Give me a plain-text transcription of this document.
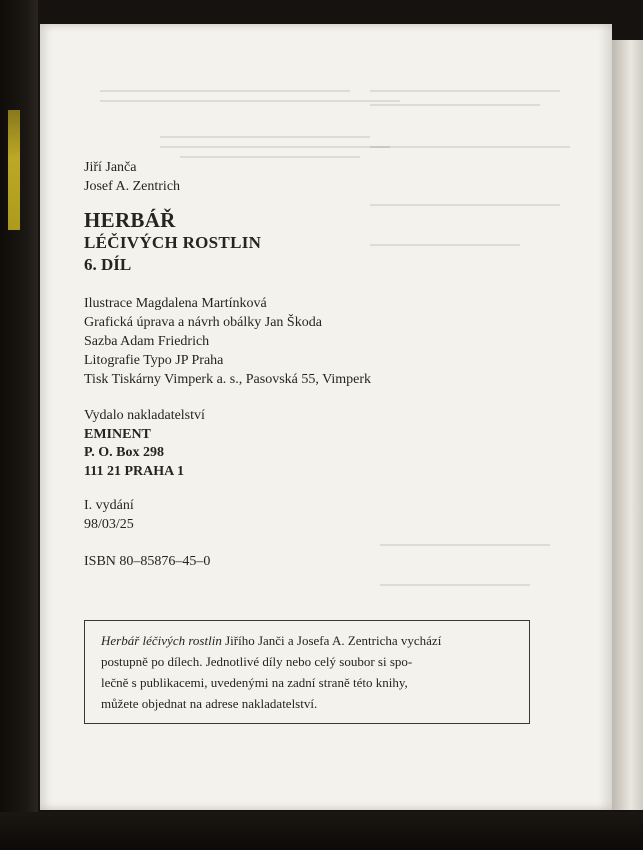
Jiří Janča
Josef A. Zentrich
HERBÁŘ
LÉČIVÝCH ROSTLIN
6. DÍL
Ilustrace Magdalena Martínková
Grafická úprava a návrh obálky Jan Škoda
Sazba Adam Friedrich
Litografie Typo JP Praha
Tisk Tiskárny Vimperk a. s., Pasovská 55, Vimperk
Vydalo nakladatelství
EMINENT
P. O. Box 298
111 21 PRAHA 1
I. vydání
98/03/25
ISBN 80–85876–45–0

Herbář léčivých rostlin Jiřího Janči a Josefa A. Zentricha vychází

postupně po dílech. Jednotlivé díly nebo celý soubor si spo-

lečně s publikacemi, uvedenými na zadní straně této knihy,

můžete objednat na adrese nakladatelství.
